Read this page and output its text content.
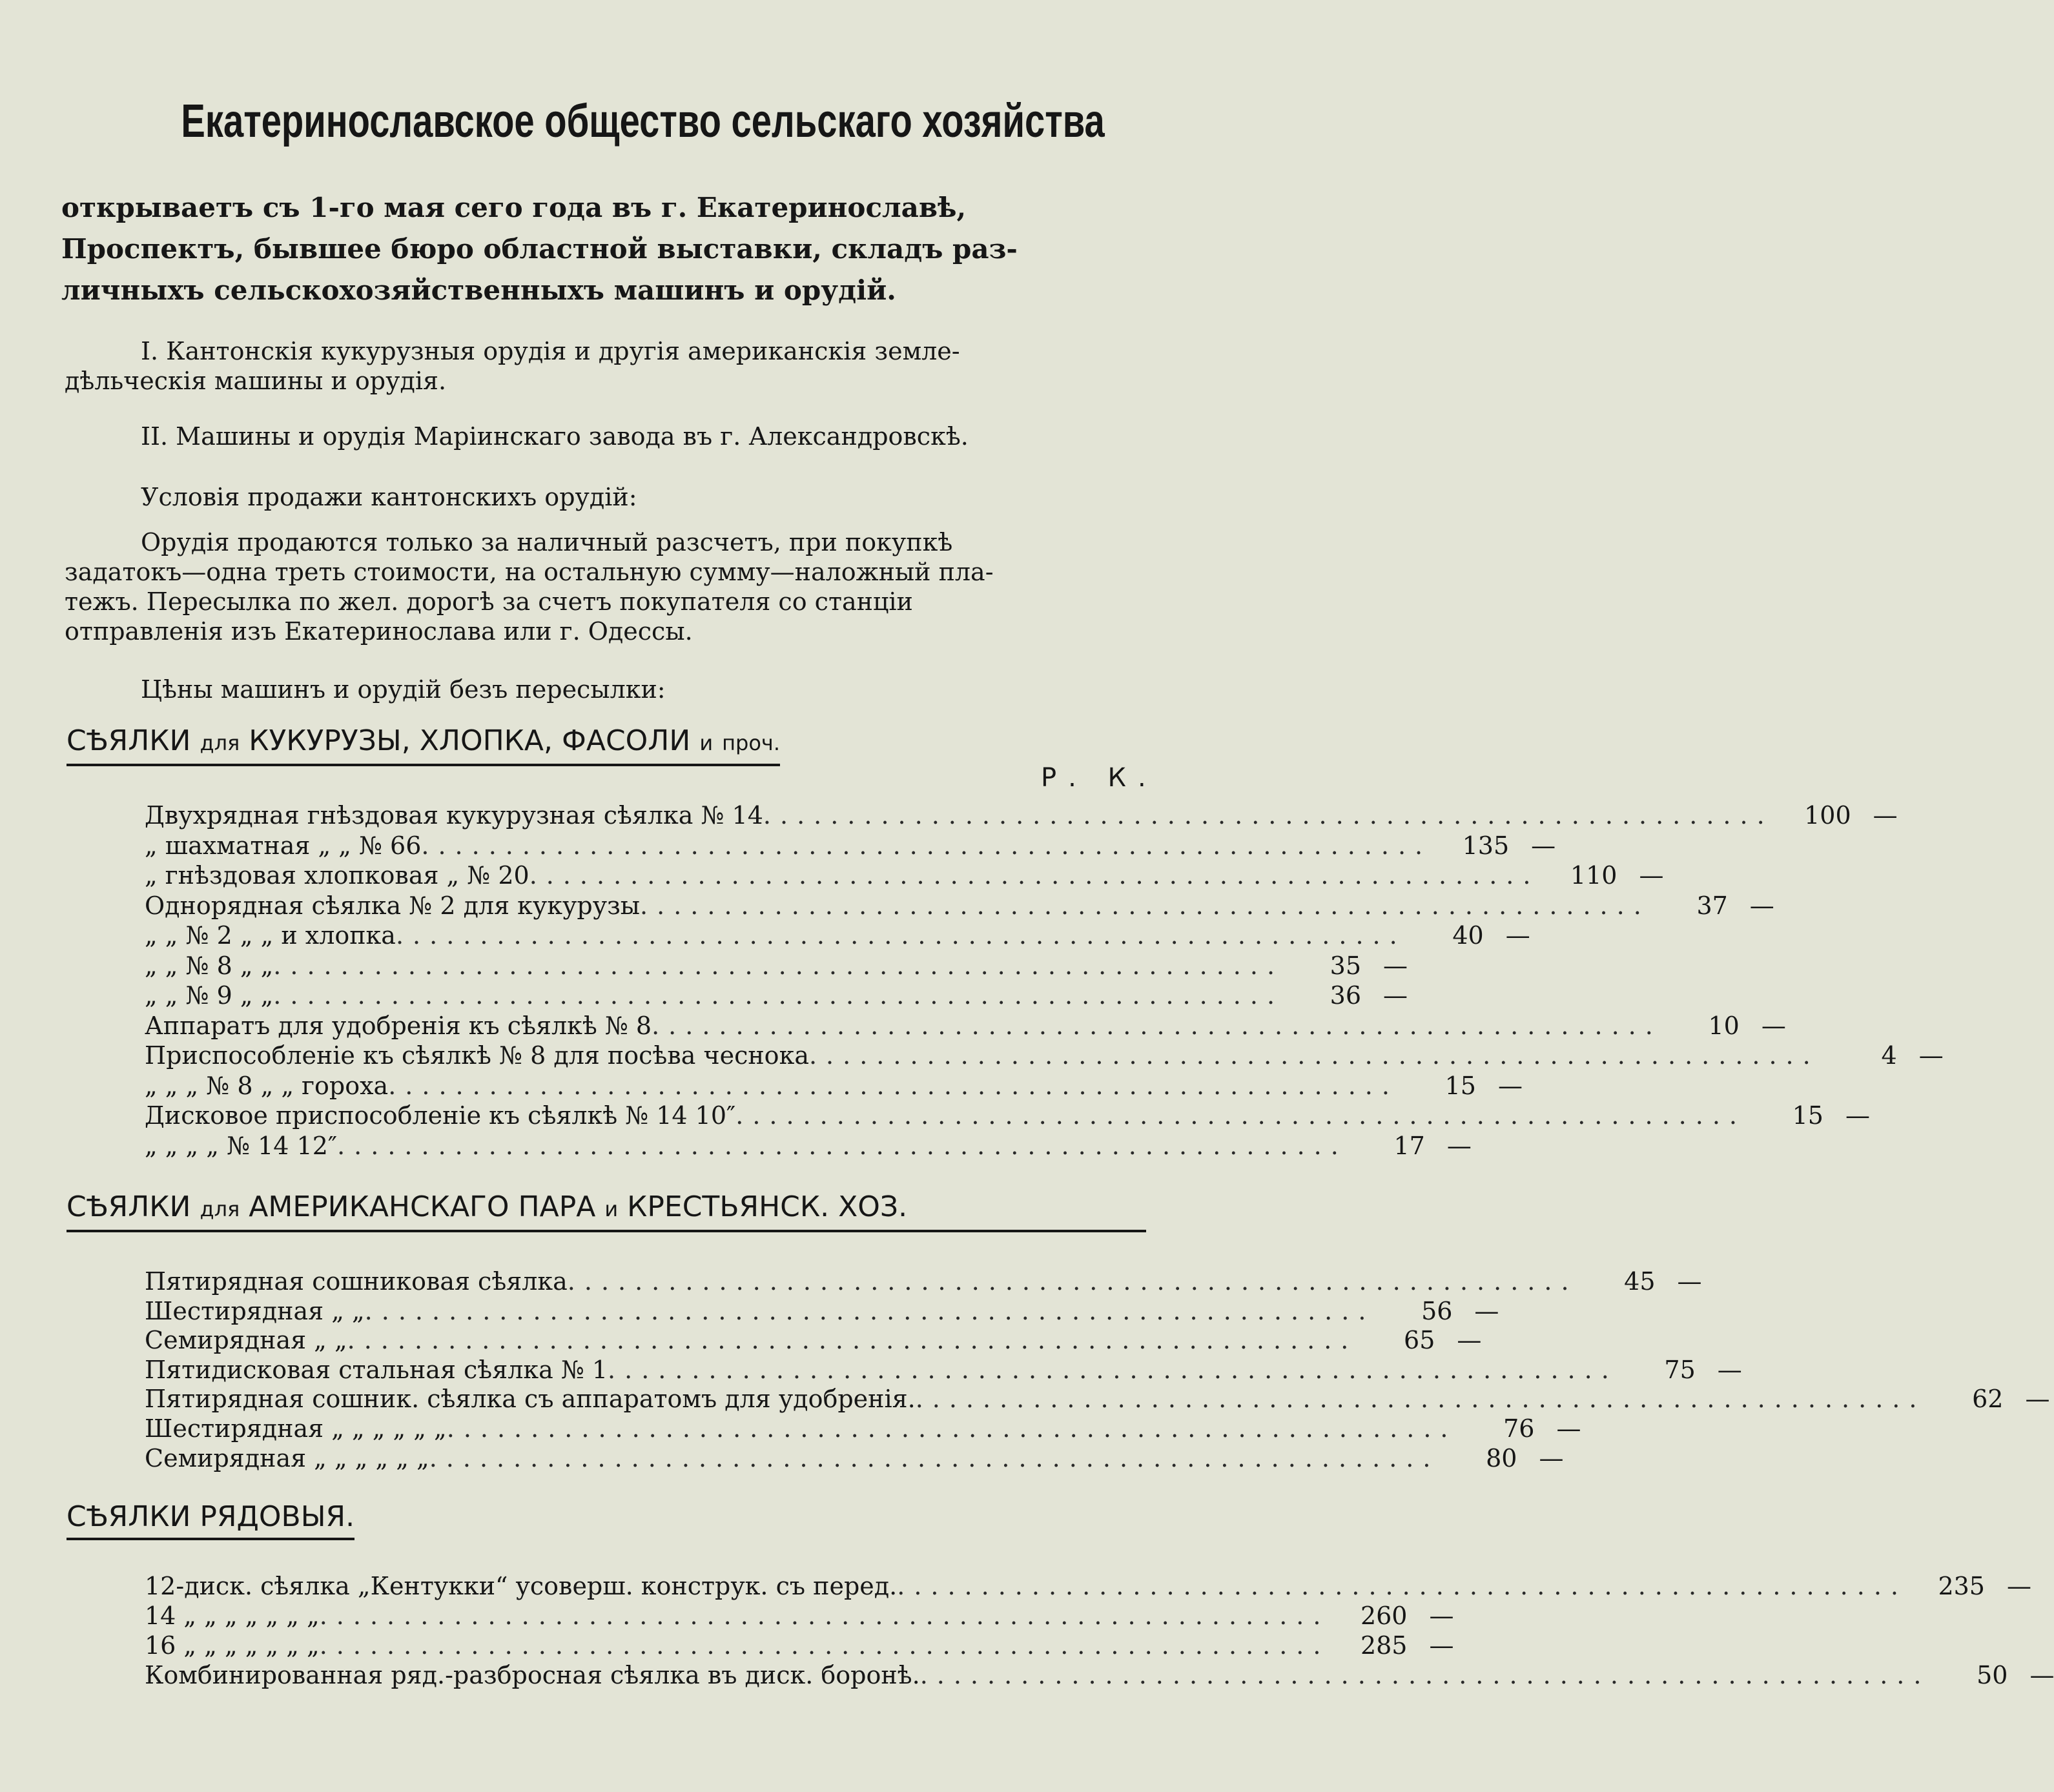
Екатеринославское общество сельскаго хозяйства
открываетъ съ 1-го мая сего года въ г. Екатеринославѣ,
Проспектъ, бывшее бюро областной выставки, складъ раз-
личныхъ сельскохозяйственныхъ машинъ и орудій.
I. Кантонскія кукурузныя орудія и другія американскія земле-
дѣльческія машины и орудія.
II. Машины и орудія Маріинскаго завода въ г. Александровскѣ.
Условія продажи кантонскихъ орудій:
Орудія продаются только за наличный разсчетъ, при покупкѣ
задатокъ—одна треть стоимости, на остальную сумму—наложный пла-
тежъ. Пересылка по жел. дорогѣ за счетъ покупателя со станціи
отправленія изъ Екатеринослава или г. Одессы.
Цѣны машинъ и орудій безъ пересылки:
СѢЯЛКИ для КУКУРУЗЫ, ХЛОПКА, ФАСОЛИ и проч.
Р. К.
Двухрядная гнѣздовая кукурузная сѣялка № 14 ............................................................	100 —
„ шахматная „ „ № 66 ............................................................	135 —
„ гнѣздовая хлопковая „ № 20 ............................................................	110 —
Однорядная сѣялка № 2 для кукурузы ............................................................	37 —
„ „ № 2 „ „ и хлопка ............................................................	40 —
„ „ № 8 „ „ ............................................................	35 —
„ „ № 9 „ „ ............................................................	36 —
Аппаратъ для удобренія къ сѣялкѣ № 8 ............................................................	10 —
Приспособленіе къ сѣялкѣ № 8 для посѣва чеснока ............................................................	4 —
„ „ „ № 8 „ „ гороха ............................................................	15 —
Дисковое приспособленіе къ сѣялкѣ № 14 10″ ............................................................	15 —
„ „ „ „ № 14 12″ ............................................................	17 —
СѢЯЛКИ для АМЕРИКАНСКАГО ПАРА и КРЕСТЬЯНСК. ХОЗ.
Пятирядная сошниковая сѣялка ............................................................	45 —
Шестирядная „ „ ............................................................	56 —
Семирядная „ „ ............................................................	65 —
Пятидисковая стальная сѣялка № 1 ............................................................	75 —
Пятирядная сошник. сѣялка съ аппаратомъ для удобренія. ............................................................	62 —
Шестирядная „ „ „ „ „ „ ............................................................	76 —
Семирядная „ „ „ „ „ „ ............................................................	80 —
СѢЯЛКИ РЯДОВЫЯ.
12-диск. сѣялка „Кентукки“ усоверш. конструк. съ перед. ............................................................	235 —
14 „ „ „ „ „ „ „ ............................................................	260 —
16 „ „ „ „ „ „ „ ............................................................	285 —
Комбинированная ряд.-разбросная сѣялка въ диск. боронѣ. ............................................................	50 —
